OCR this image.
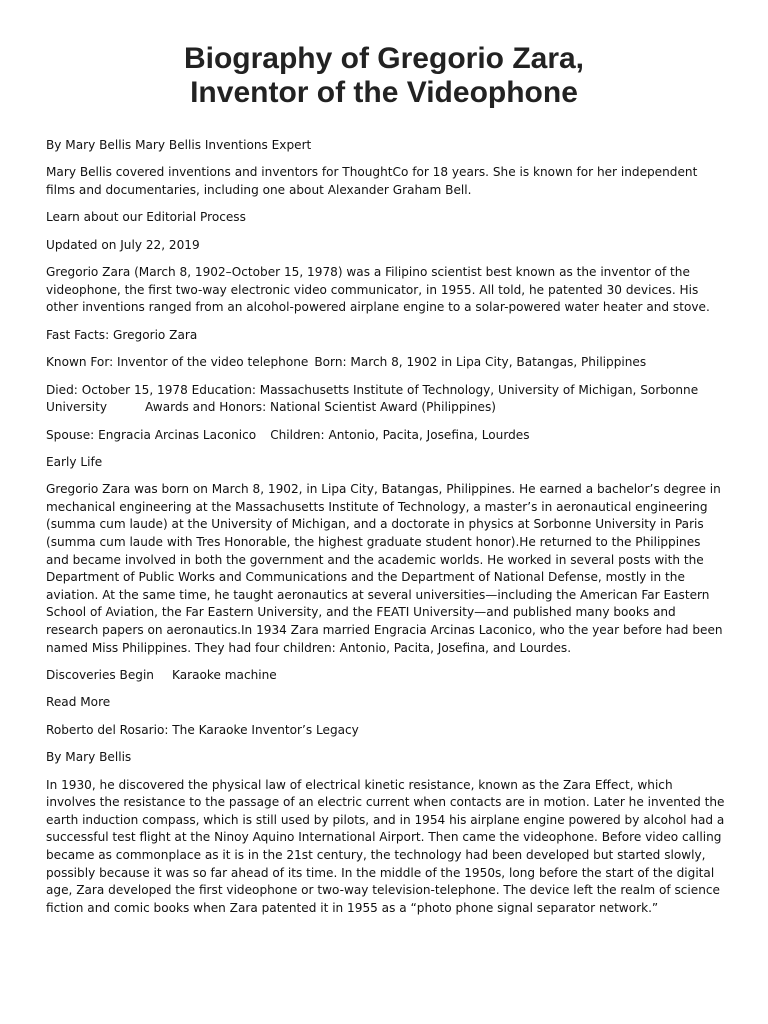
Biography of Gregorio Zara,
Inventor of the Videophone

By Mary Bellis Mary Bellis Inventions Expert

Mary Bellis covered inventions and inventors for ThoughtCo for 18 years. She is known for her independent films and documentaries, including one about Alexander Graham Bell.

Learn about our Editorial Process

Updated on July 22, 2019

Gregorio Zara (March 8, 1902–October 15, 1978) was a Filipino scientist best known as the inventor of the videophone, the first two-way electronic video communicator, in 1955. All told, he patented 30 devices. His other inventions ranged from an alcohol-powered airplane engine to a solar-powered water heater and stove.

Fast Facts: Gregorio Zara

Known For: Inventor of the video telephone Born: March 8, 1902 in Lipa City, Batangas, Philippines

Died: October 15, 1978 Education: Massachusetts Institute of Technology, University of Michigan, Sorbonne University	Awards and Honors: National Scientist Award (Philippines)

Spouse: Engracia Arcinas Laconico Children: Antonio, Pacita, Josefina, Lourdes

Early Life

Gregorio Zara was born on March 8, 1902, in Lipa City, Batangas, Philippines. He earned a bachelor’s degree in mechanical engineering at the Massachusetts Institute of Technology, a master’s in aeronautical engineering (summa cum laude) at the University of Michigan, and a doctorate in physics at Sorbonne University in Paris (summa cum laude with Tres Honorable, the highest graduate student honor).He returned to the Philippines and became involved in both the government and the academic worlds. He worked in several posts with the Department of Public Works and Communications and the Department of National Defense, mostly in the aviation. At the same time, he taught aeronautics at several universities—including the American Far Eastern School of Aviation, the Far Eastern University, and the FEATI University—and published many books and research papers on aeronautics.In 1934 Zara married Engracia Arcinas Laconico, who the year before had been named Miss Philippines. They had four children: Antonio, Pacita, Josefina, and Lourdes.

Discoveries Begin Karaoke machine

Read More

Roberto del Rosario: The Karaoke Inventor’s Legacy

By Mary Bellis

In 1930, he discovered the physical law of electrical kinetic resistance, known as the Zara Effect, which involves the resistance to the passage of an electric current when contacts are in motion. Later he invented the earth induction compass, which is still used by pilots, and in 1954 his airplane engine powered by alcohol had a successful test flight at the Ninoy Aquino International Airport. Then came the videophone. Before video calling became as commonplace as it is in the 21st century, the technology had been developed but started slowly, possibly because it was so far ahead of its time. In the middle of the 1950s, long before the start of the digital age, Zara developed the first videophone or two-way television-telephone. The device left the realm of science fiction and comic books when Zara patented it in 1955 as a “photo phone signal separator network.”
